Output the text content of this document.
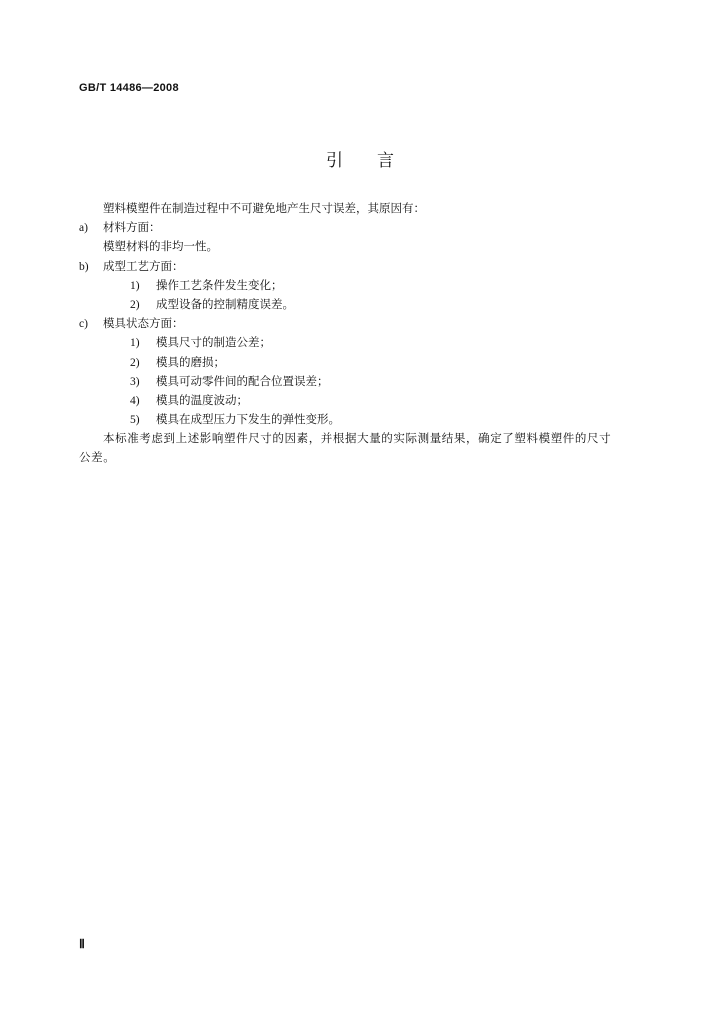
GB/T 14486—2008
引言
塑料模塑件在制造过程中不可避免地产生尺寸误差，其原因有：
a) 材料方面：
模塑材料的非均一性。
b) 成型工艺方面：
1) 操作工艺条件发生变化；
2) 成型设备的控制精度误差。
c) 模具状态方面：
1) 模具尺寸的制造公差；
2) 模具的磨损；
3) 模具可动零件间的配合位置误差；
4) 模具的温度波动；
5) 模具在成型压力下发生的弹性变形。
本标准考虑到上述影响塑件尺寸的因素，并根据大量的实际测量结果，确定了塑料模塑件的尺寸
公差。
Ⅱ
